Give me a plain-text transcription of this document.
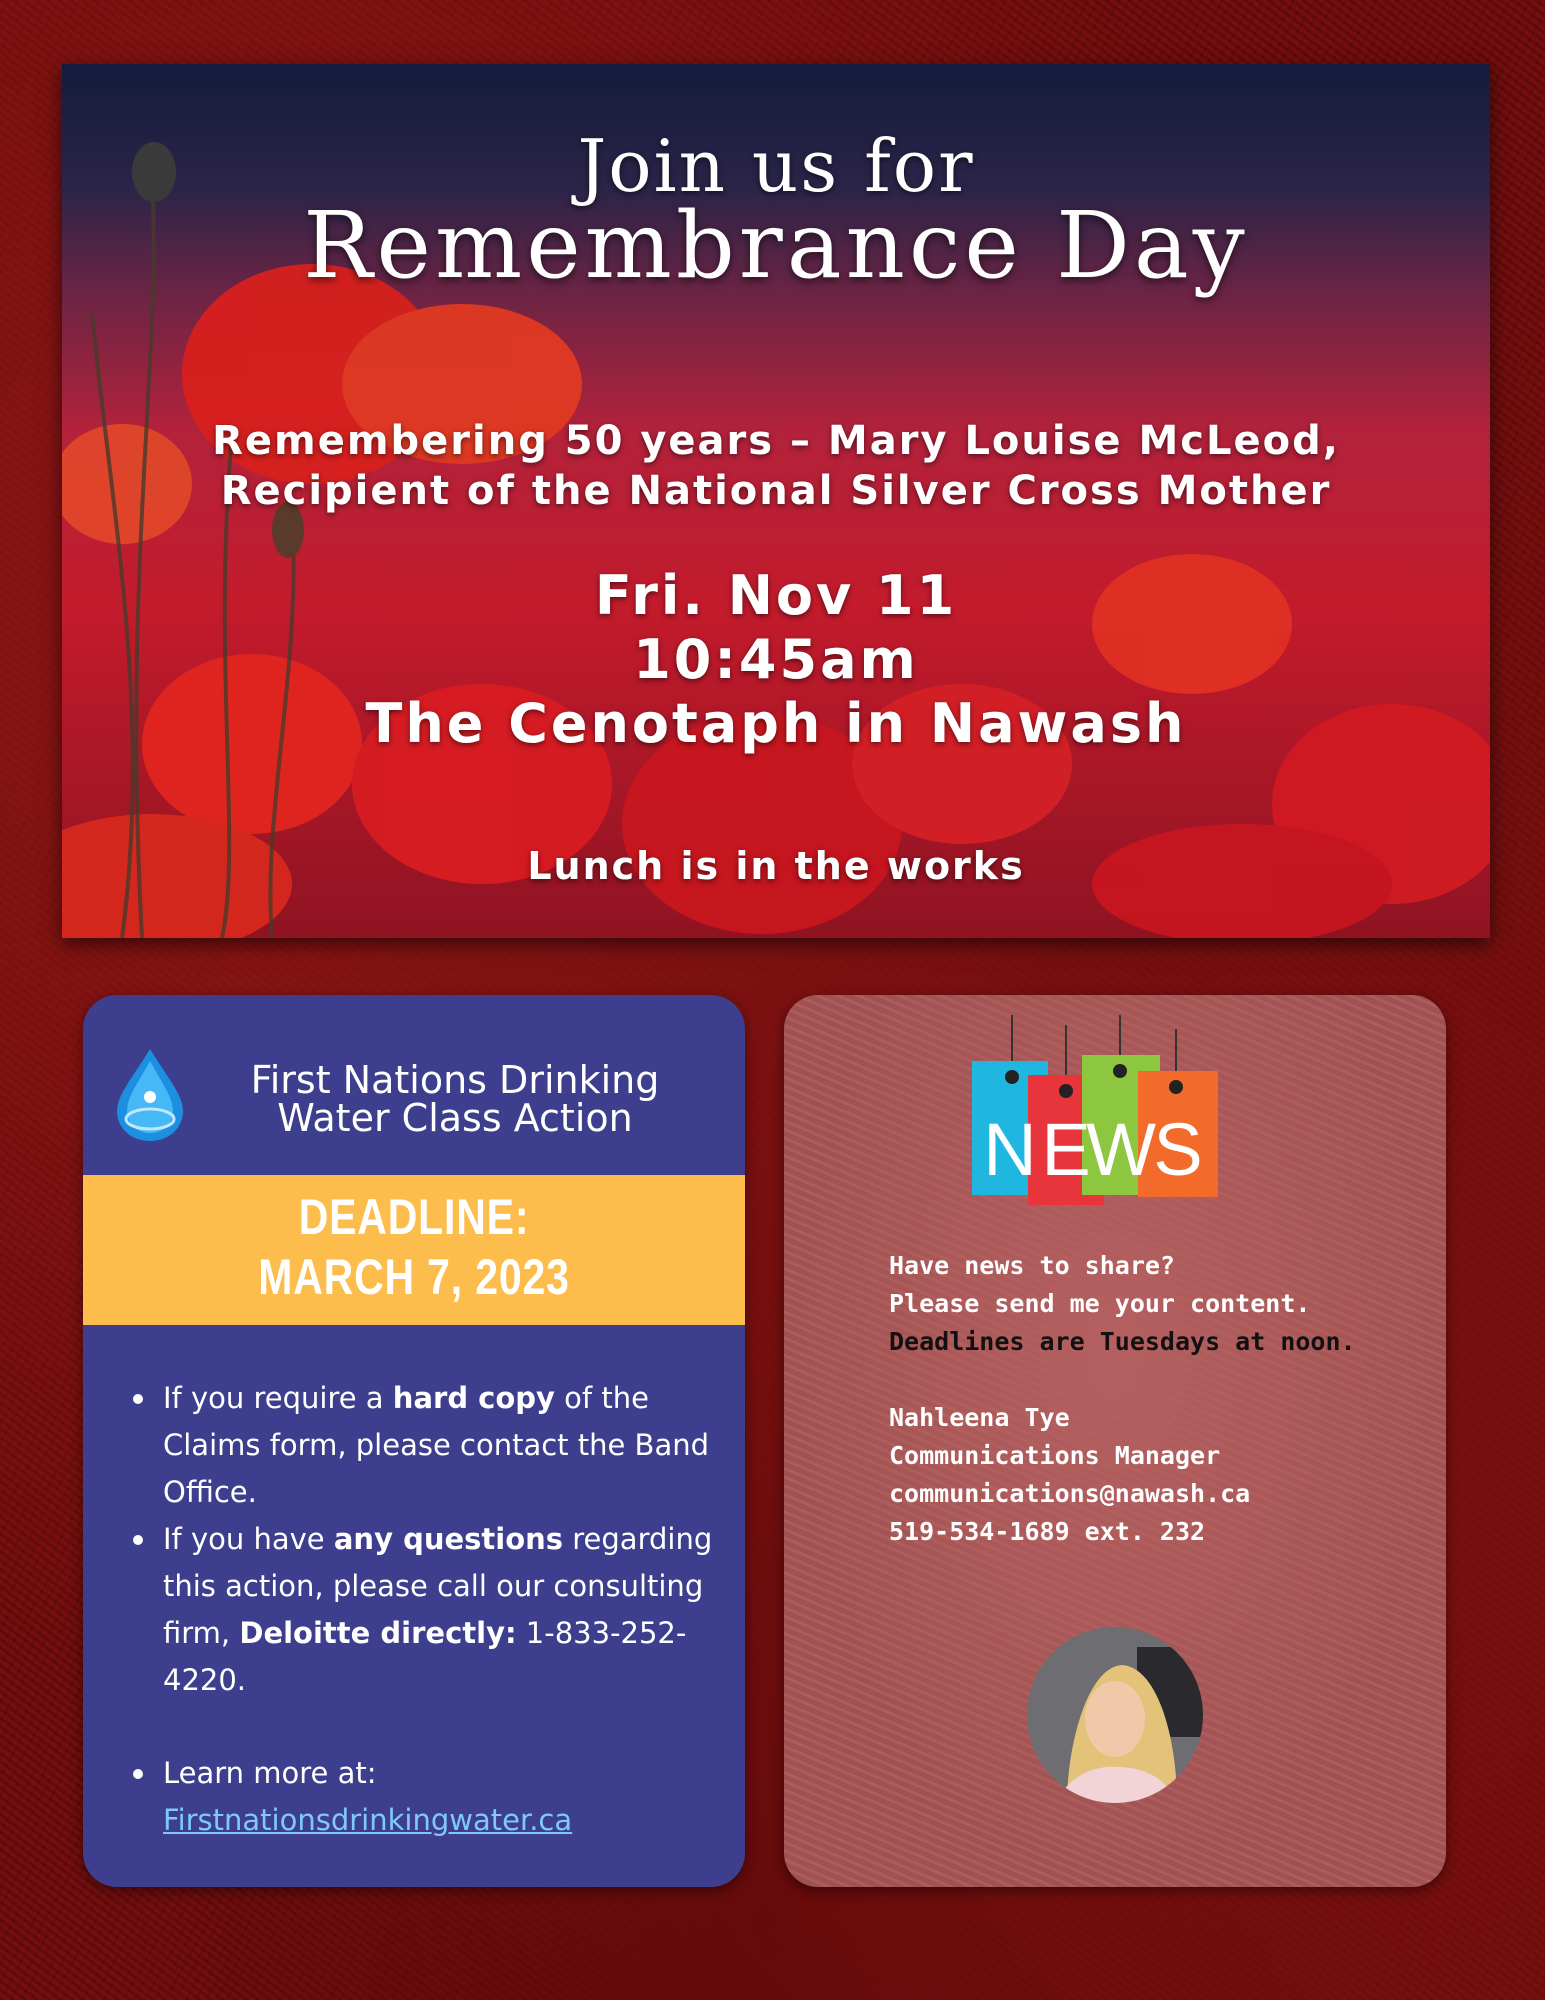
Join us for
Remembrance Day
Remembering 50 years – Mary Louise McLeod,
Recipient of the National Silver Cross Mother
Fri. Nov 11
10:45am
The Cenotaph in Nawash
Lunch is in the works
First Nations Drinking
Water Class Action
DEADLINE:
MARCH 7, 2023
If you require a hard copy of the Claims form, please contact the Band Office.
If you have any questions regarding this action, please call our consulting firm, Deloitte directly: 1-833-252-4220.
Learn more at:
Firstnationsdrinkingwater.ca
N E
W
S
Have news to share?
Please send me your content.
Deadlines are Tuesdays at noon.
Nahleena Tye
Communications Manager
communications@nawash.ca
519-534-1689 ext. 232
